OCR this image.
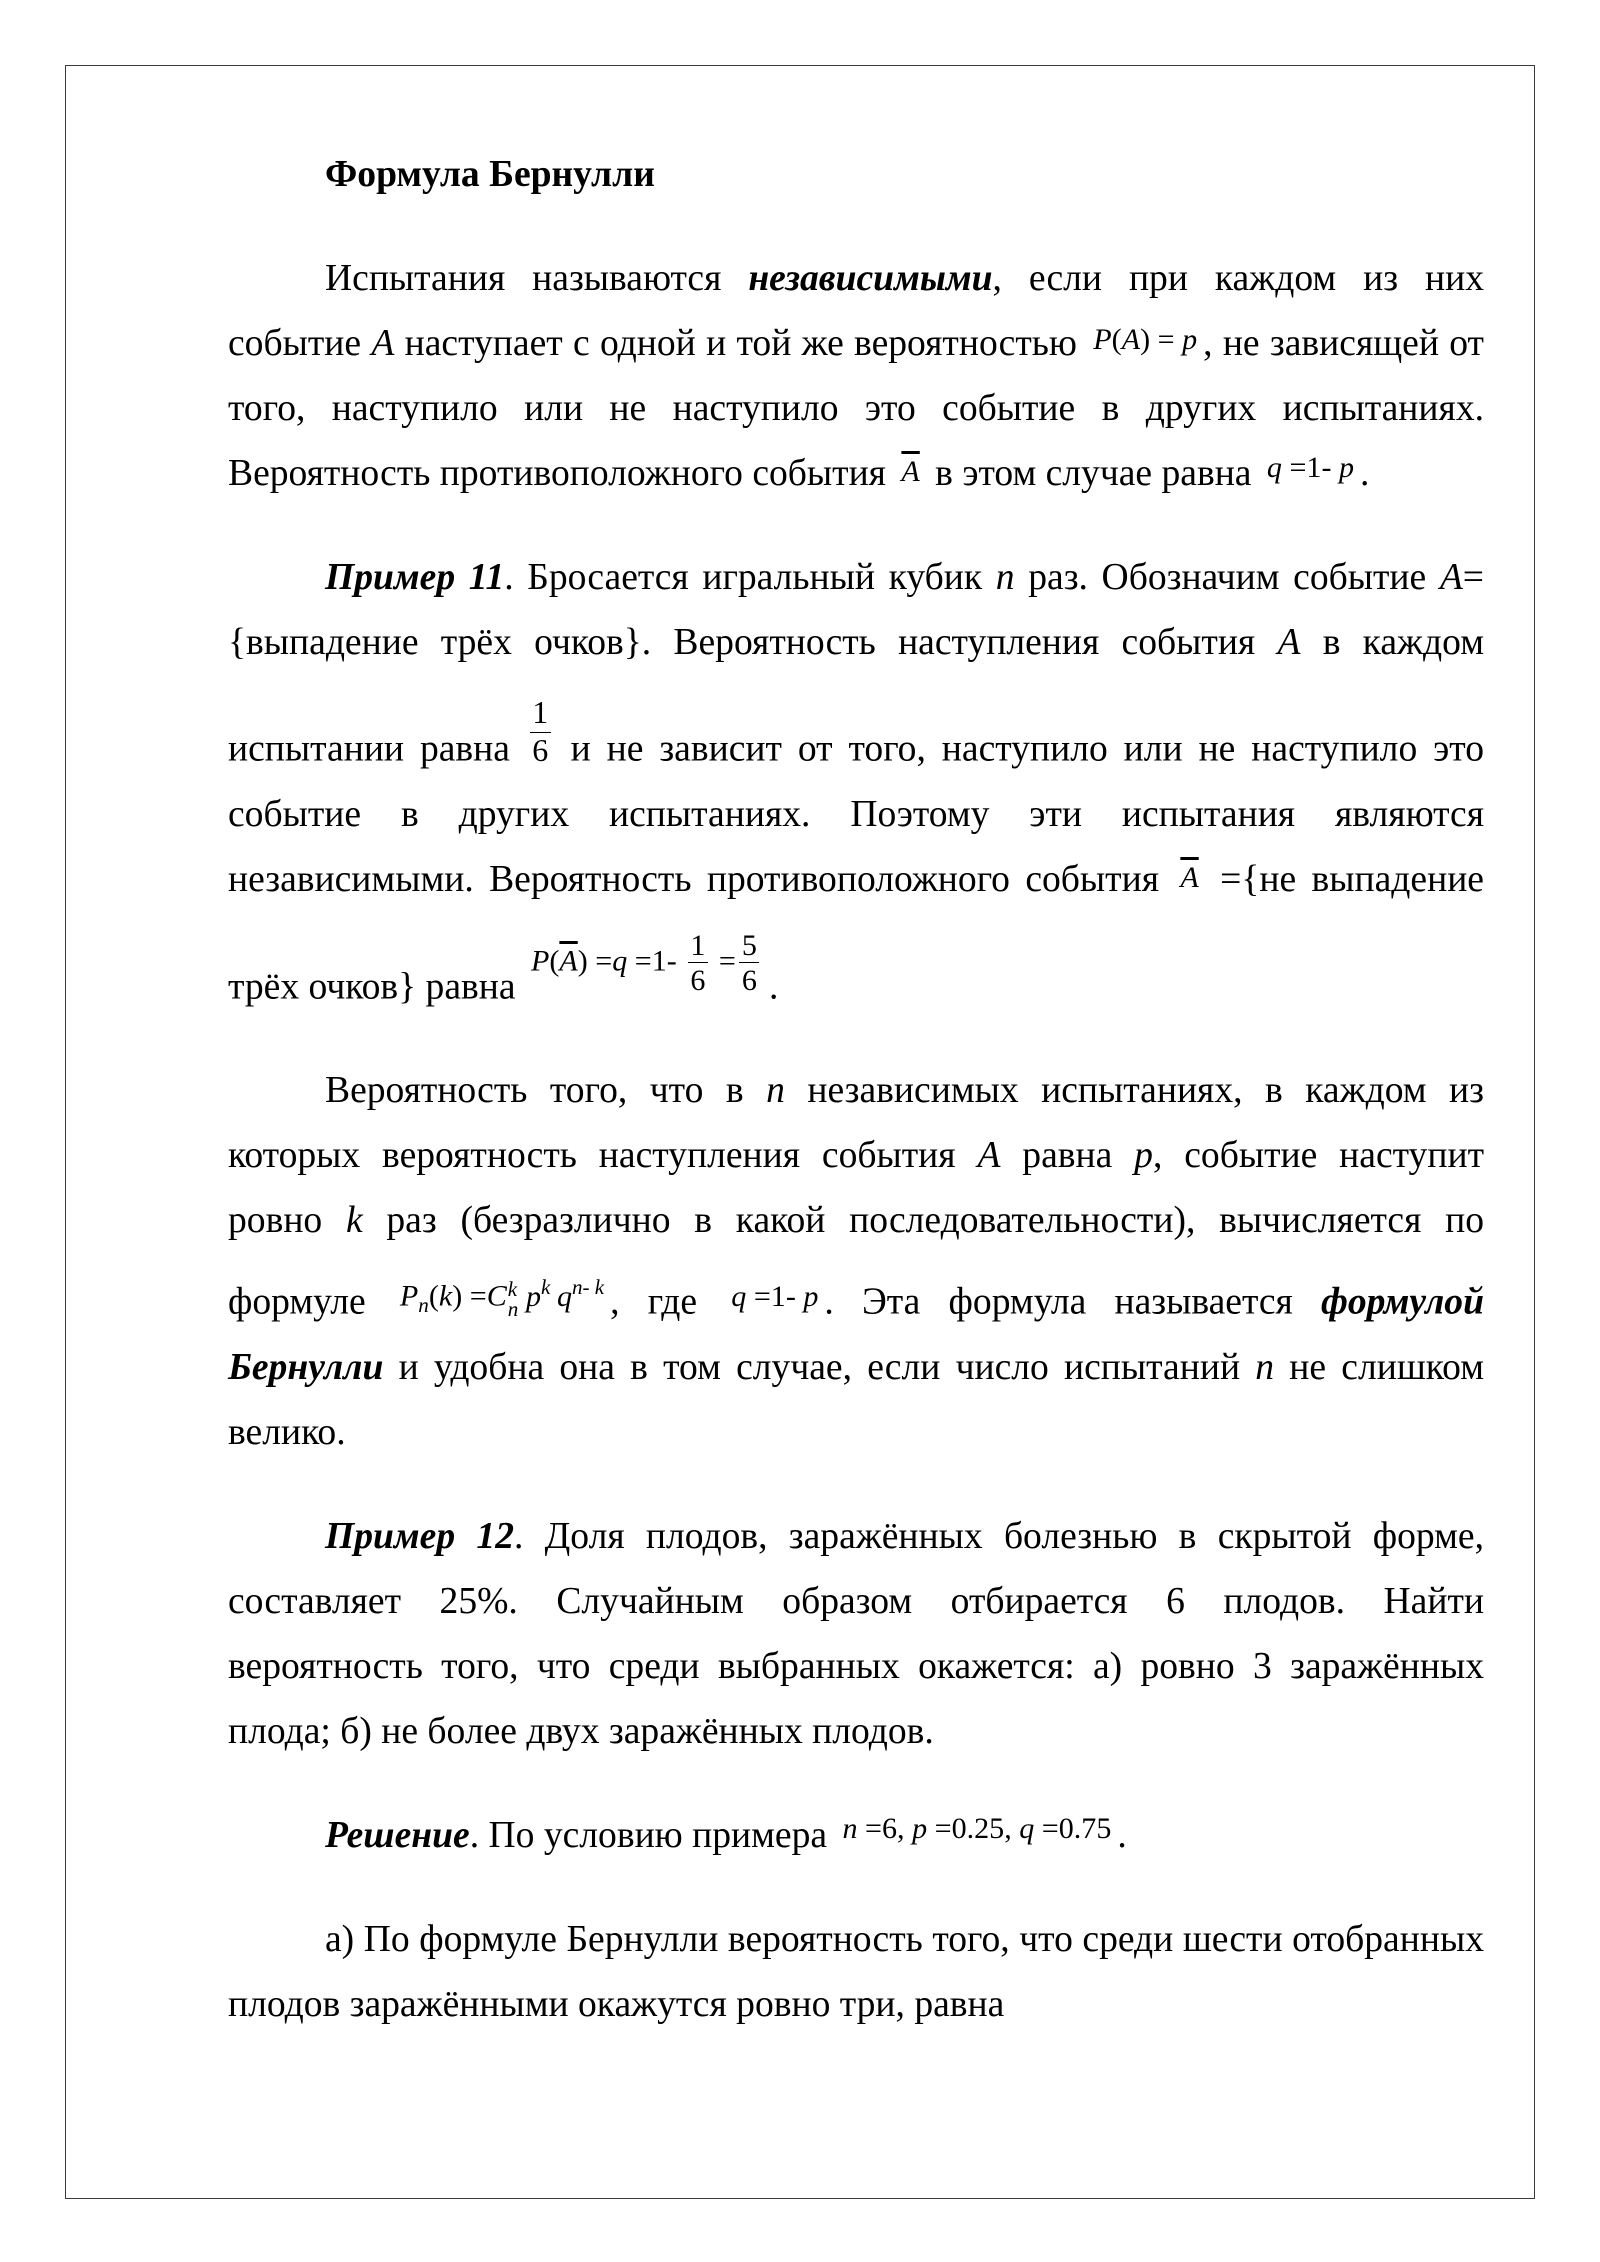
Формула Бернулли

Испытания называются независимыми, если при каждом из них событие A наступает с одной и той же вероятностью P(A) = p , не зависящей от того, наступило или не наступило это событие в других испытаниях. Вероятность противоположного события $\overline{A}$ в этом случае равна q =1- p .

Пример 11. Бросается игральный кубик n раз. Обозначим событие A={выпадение трёх очков}. Вероятность наступления события A в каждом испытании равна $\frac{1}{6}$ и не зависит от того, наступило или не наступило это событие в других испытаниях. Поэтому эти испытания являются независимыми. Вероятность противоположного события $\overline{A} =\{не$ выпадение трёх очков} равна $P(\overline{A}) =q =1- \frac{1}{6} = \frac{5}{6}$ .

Вероятность того, что в n независимых испытаниях, в каждом из которых вероятность наступления события A равна p, событие наступит ровно k раз (безразлично в какой последовательности), вычисляется по формуле $P_n(k) =C$ k
n $p^k$ $q^{n- k}$ , где q =1- p . Эта формула называется формулой Бернулли и удобна она в том случае, если число испытаний n не слишком велико.

Пример 12. Доля плодов, заражённых болезнью в скрытой форме, составляет 25%. Случайным образом отбирается 6 плодов. Найти вероятность того, что среди выбранных окажется: а) ровно 3 заражённых плода; б) не более двух заражённых плодов.

Решение. По условию примера n =6, p =0.25, q =0.75 .

а) По формуле Бернулли вероятность того, что среди шести отобранных плодов заражёнными окажутся ровно три, равна
